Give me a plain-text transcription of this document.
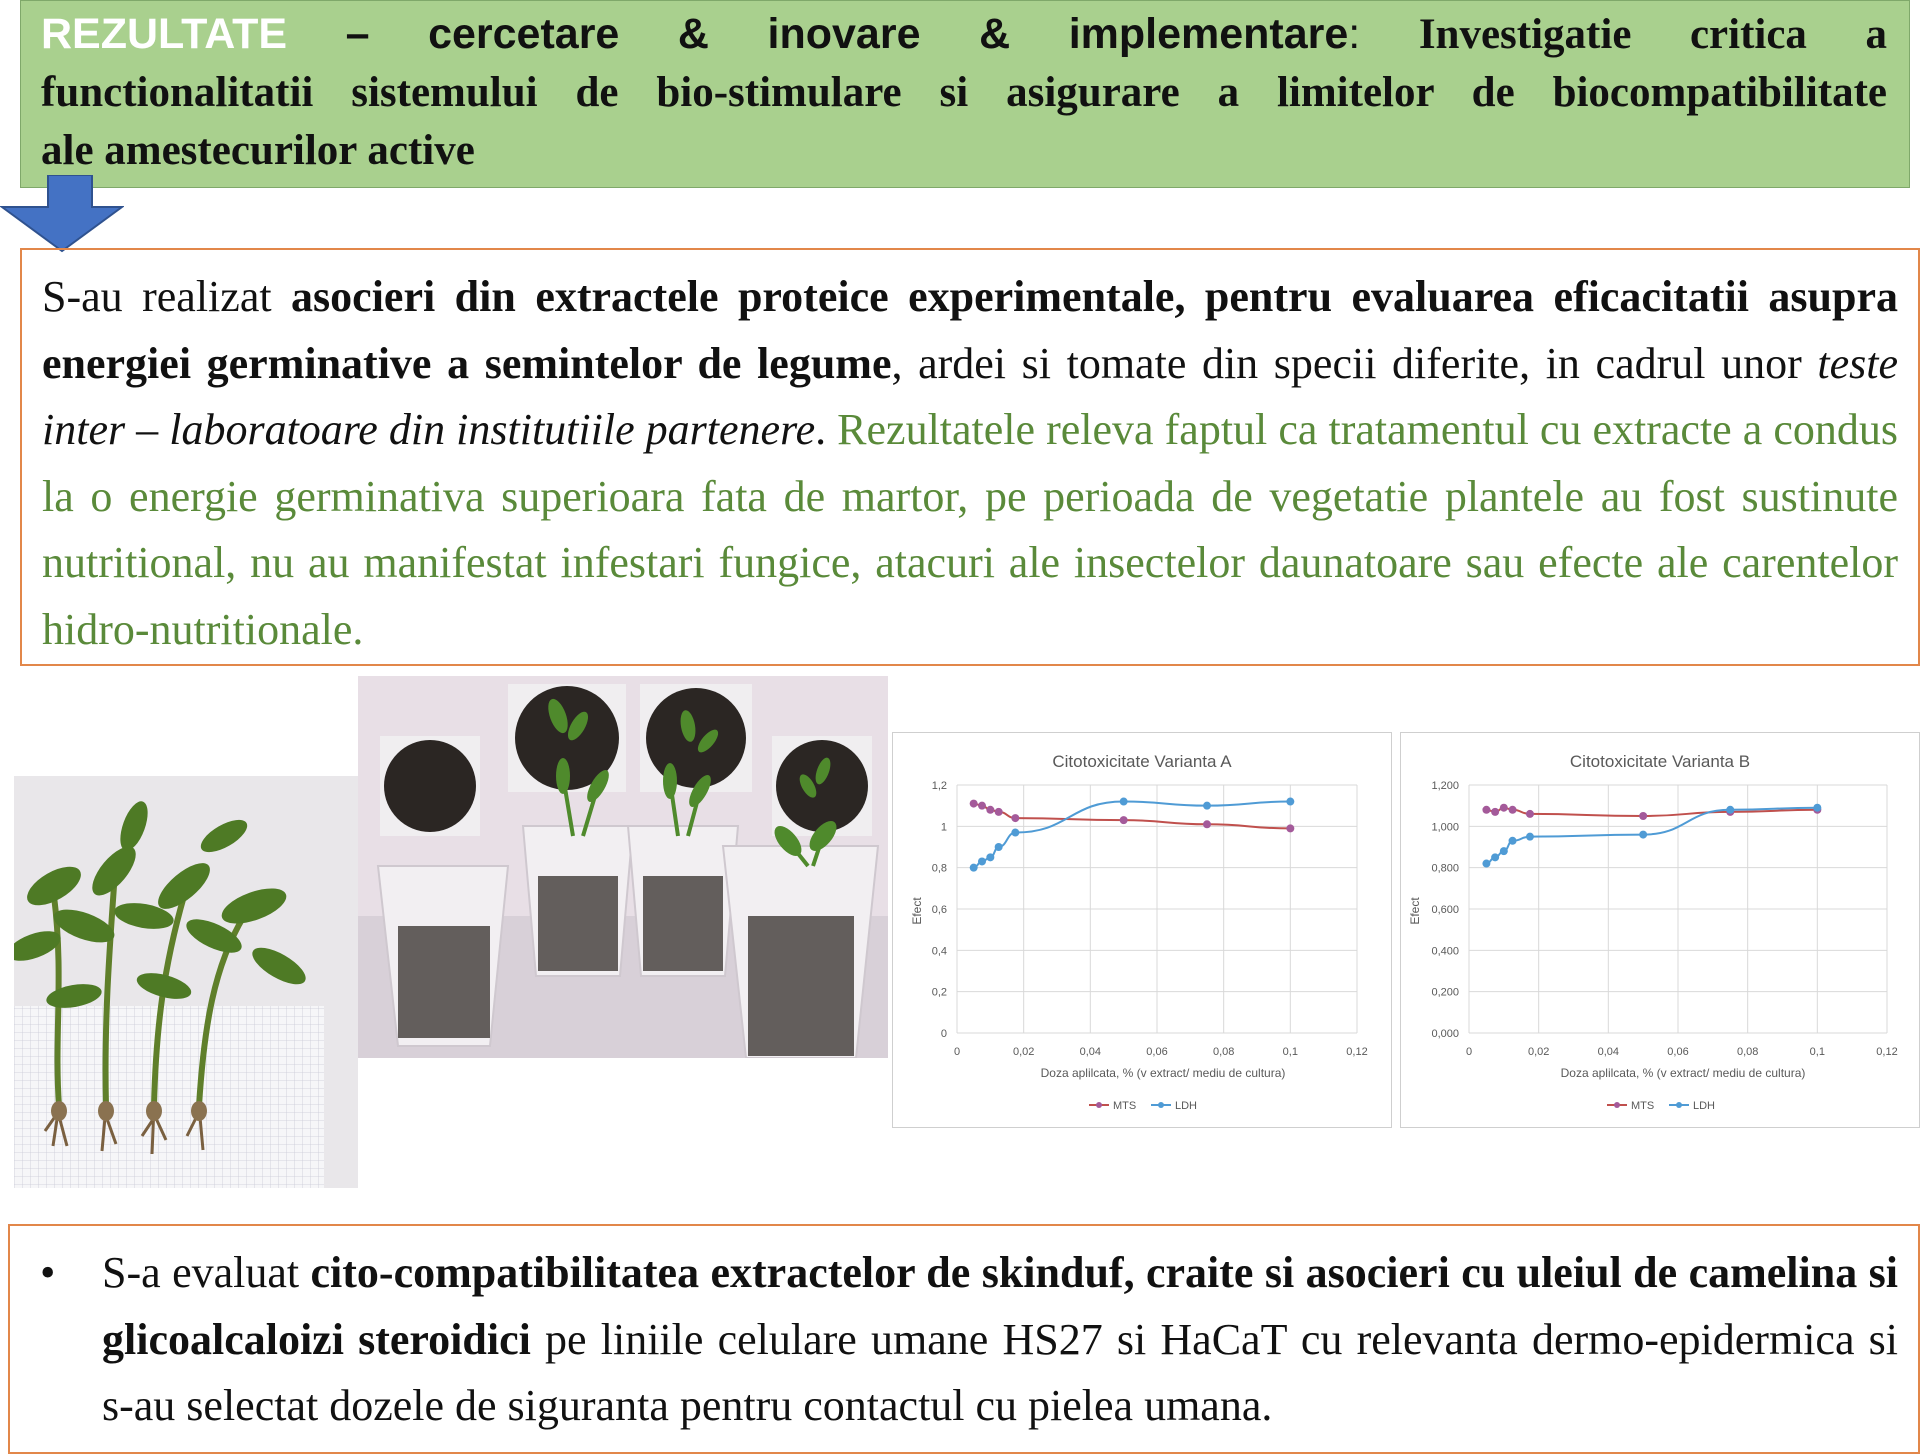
REZULTATE – cercetare & inovare & implementare: Investigatie critica a
functionalitatii sistemului de bio-stimulare si asigurare a limitelor de biocompatibilitate
ale amestecurilor active

S-au realizat asocieri din extractele proteice experimentale, pentru evaluarea eficacitatii asupra energiei germinative a semintelor de legume, ardei si tomate din specii diferite, in cadrul unor teste inter – laboratoare din institutiile partenere. Rezultatele releva faptul ca tratamentul cu extracte a condus la o energie germinativa superioara fata de martor, pe perioada de vegetatie plantele au fost sustinute nutritional, nu au manifestat infestari fungice, atacuri ale insectelor daunatoare sau efecte ale carentelor hidro-nutritionale.

Citotoxicitate Varianta A
Efect
Doza aplilcata, % (v extract/ mediu de cultura)
MTS	LDH
0
0,2
0,4
0,6
0,8
1
1,2
0	0,02	0,04	0,06	0,08	0,1	0,12
Citotoxicitate Varianta B
Efect
Doza aplilcata, % (v extract/ mediu de cultura)
MTS	LDH
0,000
0,200
0,400
0,600
0,800
1,000
1,200
0	0,02	0,04	0,06	0,08	0,1	0,12

• S-a evaluat cito-compatibilitatea extractelor de skinduf, craite si asocieri cu uleiul de camelina si glicoalcaloizi steroidici pe liniile celulare umane HS27 si HaCaT cu relevanta dermo-epidermica si s-au selectat dozele de siguranta pentru contactul cu pielea umana.
